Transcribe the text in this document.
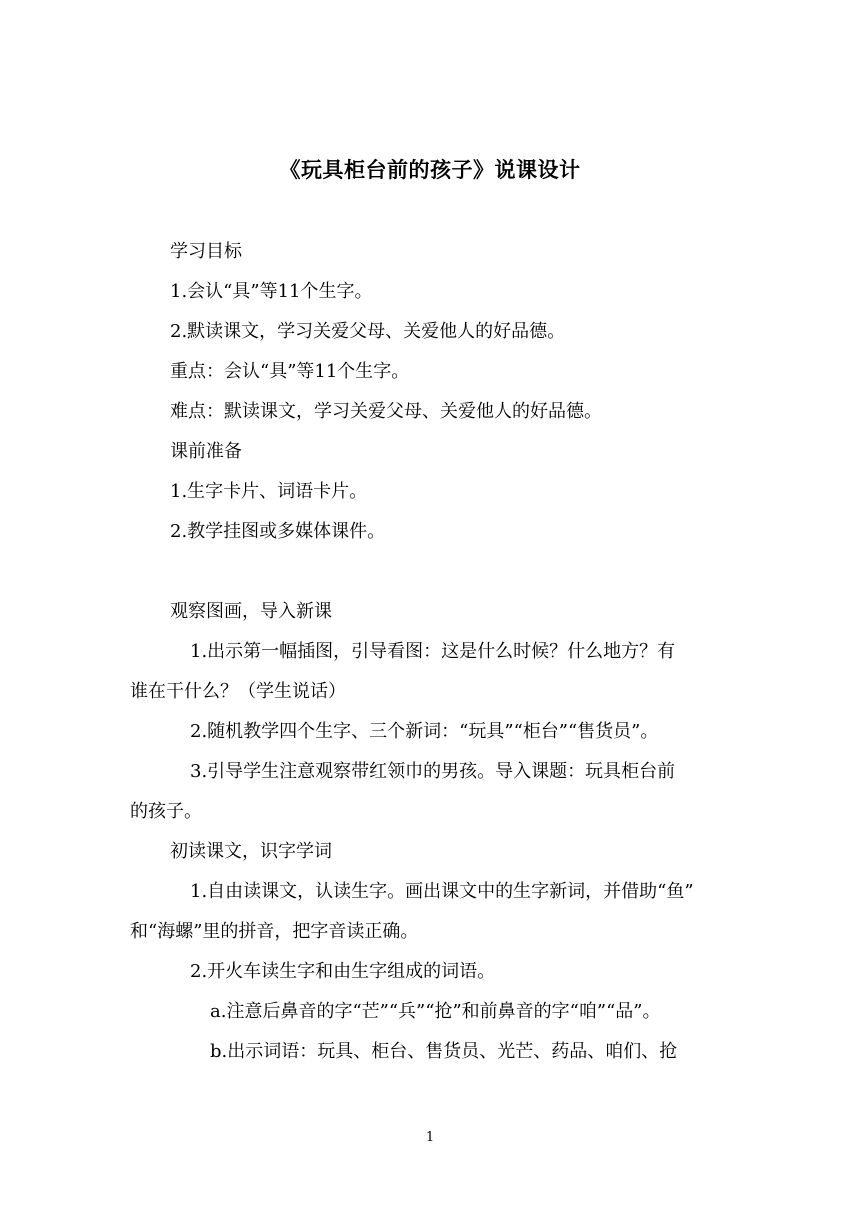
《玩具柜台前的孩子》说课设计

学习目标

1.会认“具”等11个生字。

2.默读课文，学习关爱父母、关爱他人的好品德。

重点：会认“具”等11个生字。

难点：默读课文，学习关爱父母、关爱他人的好品德。

课前准备

1.生字卡片、词语卡片。

2.教学挂图或多媒体课件。

观察图画，导入新课

1.出示第一幅插图，引导看图：这是什么时候？什么地方？有

谁在干什么？（学生说话）

2.随机教学四个生字、三个新词：“玩具”“柜台”“售货员”。

3.引导学生注意观察带红领巾的男孩。导入课题：玩具柜台前

的孩子。

初读课文，识字学词

1.自由读课文，认读生字。画出课文中的生字新词，并借助“鱼”

和“海螺”里的拼音，把字音读正确。

2.开火车读生字和由生字组成的词语。

a.注意后鼻音的字“芒”“兵”“抢”和前鼻音的字“咱”“品”。

b.出示词语：玩具、柜台、售货员、光芒、药品、咱们、抢

1
